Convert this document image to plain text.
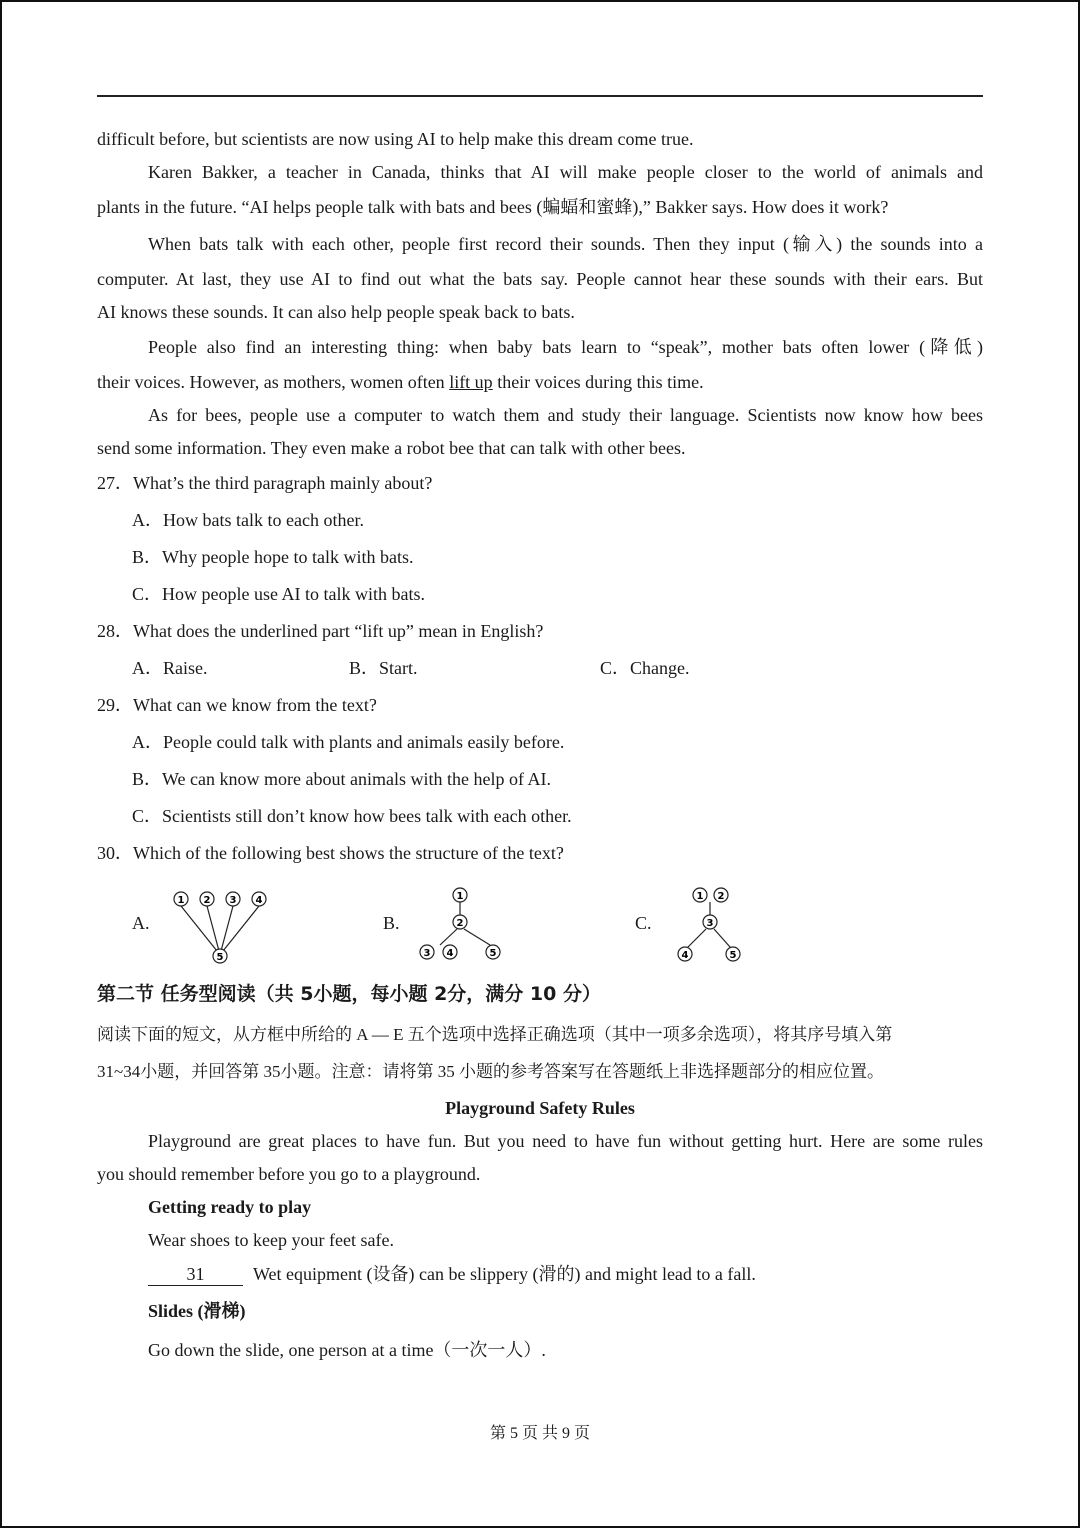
difficult before, but scientists are now using AI to help make this dream come true.
Karen Bakker, a teacher in Canada, thinks that AI will make people closer to the world of animals and
plants in the future. “AI helps people talk with bats and bees (蝙蝠和蜜蜂),” Bakker says. How does it work?
When bats talk with each other, people first record their sounds. Then they input (输入) the sounds into a
computer. At last, they use AI to find out what the bats say. People cannot hear these sounds with their ears. But
AI knows these sounds. It can also help people speak back to bats.
People also find an interesting thing: when baby bats learn to “speak”, mother bats often lower (降低)
their voices. However, as mothers, women often lift up their voices during this time.
As for bees, people use a computer to watch them and study their language. Scientists now know how bees
send some information. They even make a robot bee that can talk with other bees.
27．What’s the third paragraph mainly about?
A．How bats talk to each other.
B．Why people hope to talk with bats.
C．How people use AI to talk with bats.
28．What does the underlined part “lift up” mean in English?
A．Raise.	B．Start.	C．Change.
29．What can we know from the text?
A．People could talk with plants and animals easily before.
B．We can know more about animals with the help of AI.
C．Scientists still don’t know how bees talk with each other.
30．Which of the following best shows the structure of the text?
A.
1 2 3 4
5
B.
1
2
3 4	5
C.
1 2
3
4	5
第二节 任务型阅读（共 5小题，每小题 2分，满分 10 分）
阅读下面的短文，从方框中所给的 A — E 五个选项中选择正确选项（其中一项多余选项），将其序号填入第
31~34小题，并回答第 35小题。注意：请将第 35 小题的参考答案写在答题纸上非选择题部分的相应位置。
Playground Safety Rules
Playground are great places to have fun. But you need to have fun without getting hurt. Here are some rules
you should remember before you go to a playground.
Getting ready to play
Wear shoes to keep your feet safe.
31	Wet equipment (设备) can be slippery (滑的) and might lead to a fall.
Slides (滑梯)
Go down the slide, one person at a time（一次一人）.
第 5 页 共 9 页
